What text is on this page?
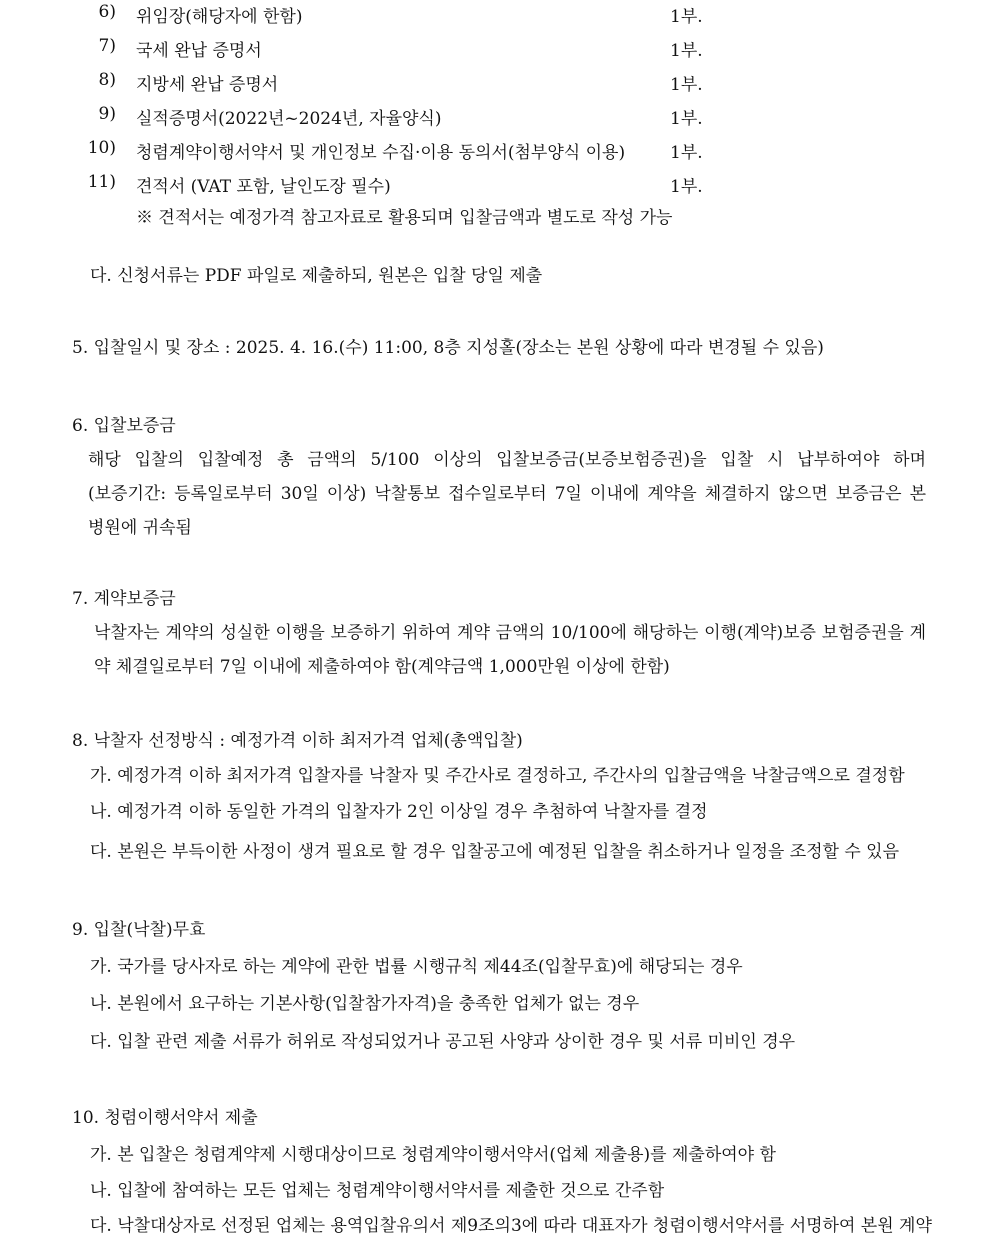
6) 위임장(해당자에 한함)	1부.
7) 국세 완납 증명서	1부.
8) 지방세 완납 증명서	1부.
9) 실적증명서(2022년~2024년, 자율양식)	1부.
10) 청렴계약이행서약서 및 개인정보 수집·이용 동의서(첨부양식 이용)	1부.
11) 견적서 (VAT 포함, 날인도장 필수)	1부.
※ 견적서는 예정가격 참고자료로 활용되며 입찰금액과 별도로 작성 가능
다. 신청서류는 PDF 파일로 제출하되, 원본은 입찰 당일 제출
5. 입찰일시 및 장소 : 2025. 4. 16.(수) 11:00, 8층 지성홀(장소는 본원 상황에 따라 변경될 수 있음)
6. 입찰보증금
해당 입찰의 입찰예정 총 금액의 5/100 이상의 입찰보증금(보증보험증권)을 입찰 시 납부하여야 하며
(보증기간: 등록일로부터 30일 이상) 낙찰통보 접수일로부터 7일 이내에 계약을 체결하지 않으면 보증금은 본
병원에 귀속됨
7. 계약보증금
낙찰자는 계약의 성실한 이행을 보증하기 위하여 계약 금액의 10/100에 해당하는 이행(계약)보증 보험증권을 계
약 체결일로부터 7일 이내에 제출하여야 함(계약금액 1,000만원 이상에 한함)
8. 낙찰자 선정방식 : 예정가격 이하 최저가격 업체(총액입찰)
가. 예정가격 이하 최저가격 입찰자를 낙찰자 및 주간사로 결정하고, 주간사의 입찰금액을 낙찰금액으로 결정함
나. 예정가격 이하 동일한 가격의 입찰자가 2인 이상일 경우 추첨하여 낙찰자를 결정
다. 본원은 부득이한 사정이 생겨 필요로 할 경우 입찰공고에 예정된 입찰을 취소하거나 일정을 조정할 수 있음
9. 입찰(낙찰)무효
가. 국가를 당사자로 하는 계약에 관한 법률 시행규칙 제44조(입찰무효)에 해당되는 경우
나. 본원에서 요구하는 기본사항(입찰참가자격)을 충족한 업체가 없는 경우
다. 입찰 관련 제출 서류가 허위로 작성되었거나 공고된 사양과 상이한 경우 및 서류 미비인 경우
10. 청렴이행서약서 제출
가. 본 입찰은 청렴계약제 시행대상이므로 청렴계약이행서약서(업체 제출용)를 제출하여야 함
나. 입찰에 참여하는 모든 업체는 청렴계약이행서약서를 제출한 것으로 간주함
다. 낙찰대상자로 선정된 업체는 용역입찰유의서 제9조의3에 따라 대표자가 청렴이행서약서를 서명하여 본원 계약
